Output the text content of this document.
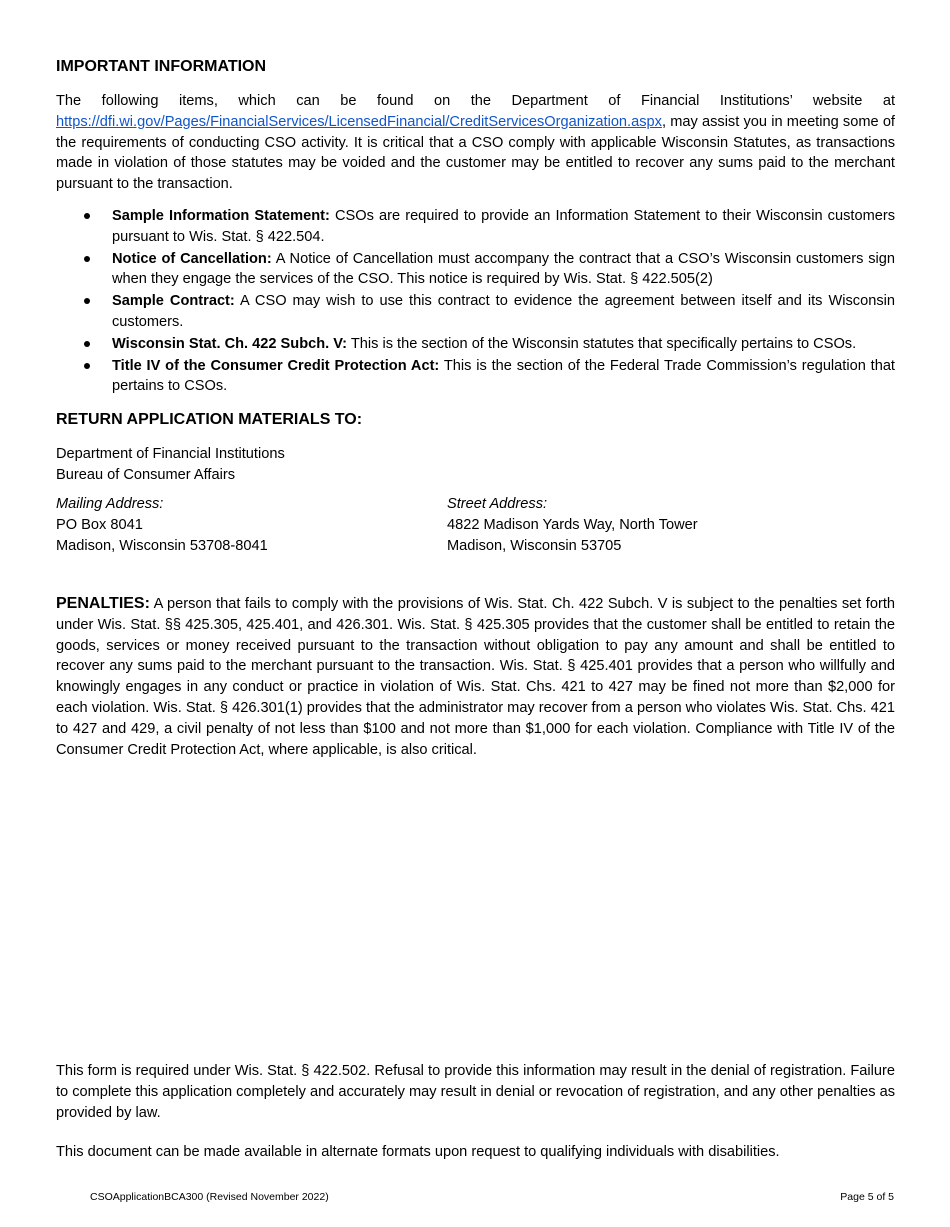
IMPORTANT INFORMATION

The following items, which can be found on the Department of Financial Institutions’ website at https://dfi.wi.gov/Pages/FinancialServices/LicensedFinancial/CreditServicesOrganization.aspx, may assist you in meeting some of the requirements of conducting CSO activity. It is critical that a CSO comply with applicable Wisconsin Statutes, as transactions made in violation of those statutes may be voided and the customer may be entitled to recover any sums paid to the merchant pursuant to the transaction.

Sample Information Statement: CSOs are required to provide an Information Statement to their Wisconsin customers pursuant to Wis. Stat. § 422.504.
Notice of Cancellation: A Notice of Cancellation must accompany the contract that a CSO’s Wisconsin customers sign when they engage the services of the CSO. This notice is required by Wis. Stat. § 422.505(2)
Sample Contract: A CSO may wish to use this contract to evidence the agreement between itself and its Wisconsin customers.
Wisconsin Stat. Ch. 422 Subch. V: This is the section of the Wisconsin statutes that specifically pertains to CSOs.
Title IV of the Consumer Credit Protection Act: This is the section of the Federal Trade Commission’s regulation that pertains to CSOs.
RETURN APPLICATION MATERIALS TO:
Department of Financial Institutions
Bureau of Consumer Affairs
Mailing Address:
PO Box 8041
Madison, Wisconsin 53708-8041
Street Address:
4822 Madison Yards Way, North Tower
Madison, Wisconsin 53705

PENALTIES: A person that fails to comply with the provisions of Wis. Stat. Ch. 422 Subch. V is subject to the penalties set forth under Wis. Stat. §§ 425.305, 425.401, and 426.301. Wis. Stat. § 425.305 provides that the customer shall be entitled to retain the goods, services or money received pursuant to the transaction without obligation to pay any amount and shall be entitled to recover any sums paid to the merchant pursuant to the transaction. Wis. Stat. § 425.401 provides that a person who willfully and knowingly engages in any conduct or practice in violation of Wis. Stat. Chs. 421 to 427 may be fined not more than $2,000 for each violation. Wis. Stat. § 426.301(1) provides that the administrator may recover from a person who violates Wis. Stat. Chs. 421 to 427 and 429, a civil penalty of not less than $100 and not more than $1,000 for each violation. Compliance with Title IV of the Consumer Credit Protection Act, where applicable, is also critical.

This form is required under Wis. Stat. § 422.502. Refusal to provide this information may result in the denial of registration. Failure to complete this application completely and accurately may result in denial or revocation of registration, and any other penalties as provided by law.

This document can be made available in alternate formats upon request to qualifying individuals with disabilities.

CSOApplicationBCA300 (Revised November 2022)	Page 5 of 5
